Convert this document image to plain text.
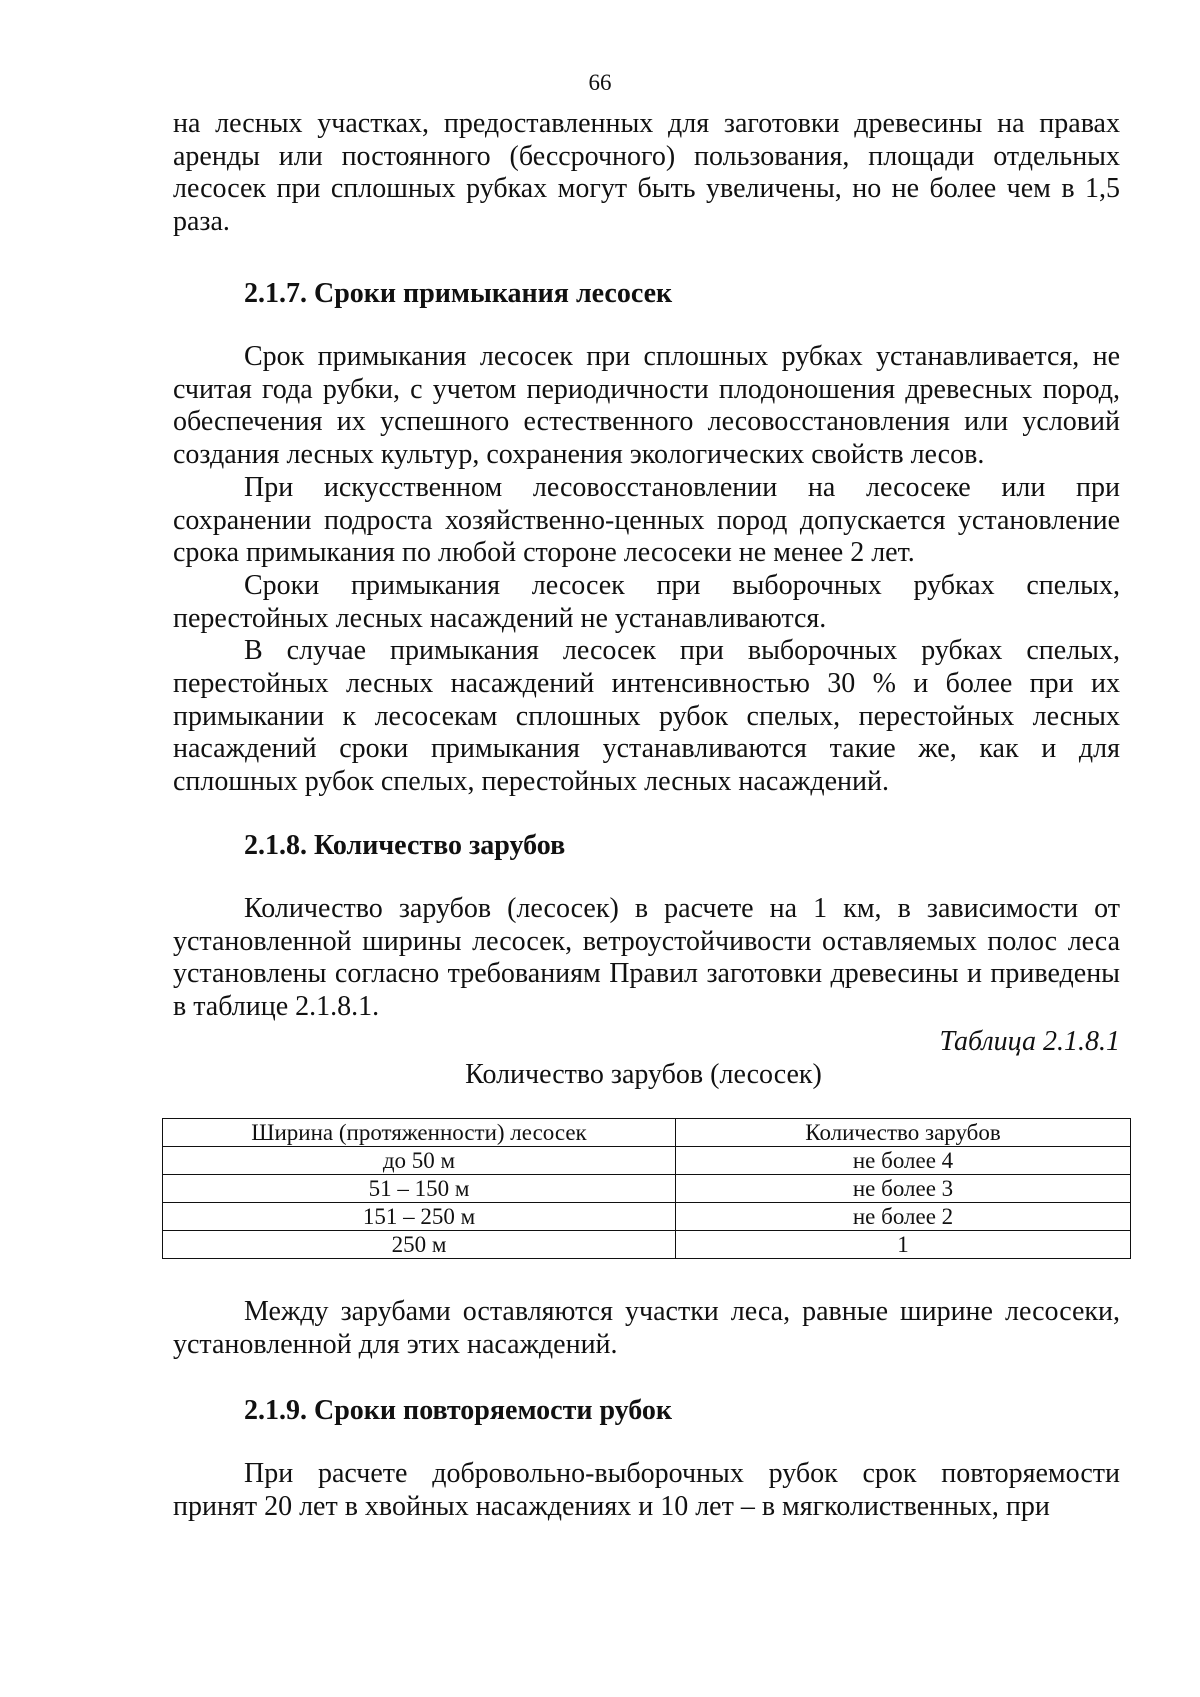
66

на лесных участках, предоставленных для заготовки древесины на правах аренды или постоянного (бессрочного) пользования, площади отдельных лесосек при сплошных рубках могут быть увеличены, но не более чем в 1,5 раза.

2.1.7. Сроки примыкания лесосек

Срок примыкания лесосек при сплошных рубках устанавливается, не считая года рубки, с учетом периодичности плодоношения древесных пород, обеспечения их успешного естественного лесовосстановления или условий создания лесных культур, сохранения экологических свойств лесов.

При искусственном лесовосстановлении на лесосеке или при сохранении подроста хозяйственно-ценных пород допускается установление срока примыкания по любой стороне лесосеки не менее 2 лет.

Сроки примыкания лесосек при выборочных рубках спелых, перестойных лесных насаждений не устанавливаются.

В случае примыкания лесосек при выборочных рубках спелых, перестойных лесных насаждений интенсивностью 30 % и более при их примыкании к лесосекам сплошных рубок спелых, перестойных лесных насаждений сроки примыкания устанавливаются такие же, как и для сплошных рубок спелых, перестойных лесных насаждений.

2.1.8. Количество зарубов

Количество зарубов (лесосек) в расчете на 1 км, в зависимости от установленной ширины лесосек, ветроустойчивости оставляемых полос леса установлены согласно требованиям Правил заготовки древесины и приведены в таблице 2.1.8.1.

Таблица 2.1.8.1
Количество зарубов (лесосек)
Ширина (протяженности) лесосек	Количество зарубов
до 50 м	не более 4
51 – 150 м	не более 3
151 – 250 м	не более 2
250 м	1

Между зарубами оставляются участки леса, равные ширине лесосеки, установленной для этих насаждений.

2.1.9. Сроки повторяемости рубок

При расчете добровольно-выборочных рубок срок повторяемости принят 20 лет в хвойных насаждениях и 10 лет – в мягколиственных, при
